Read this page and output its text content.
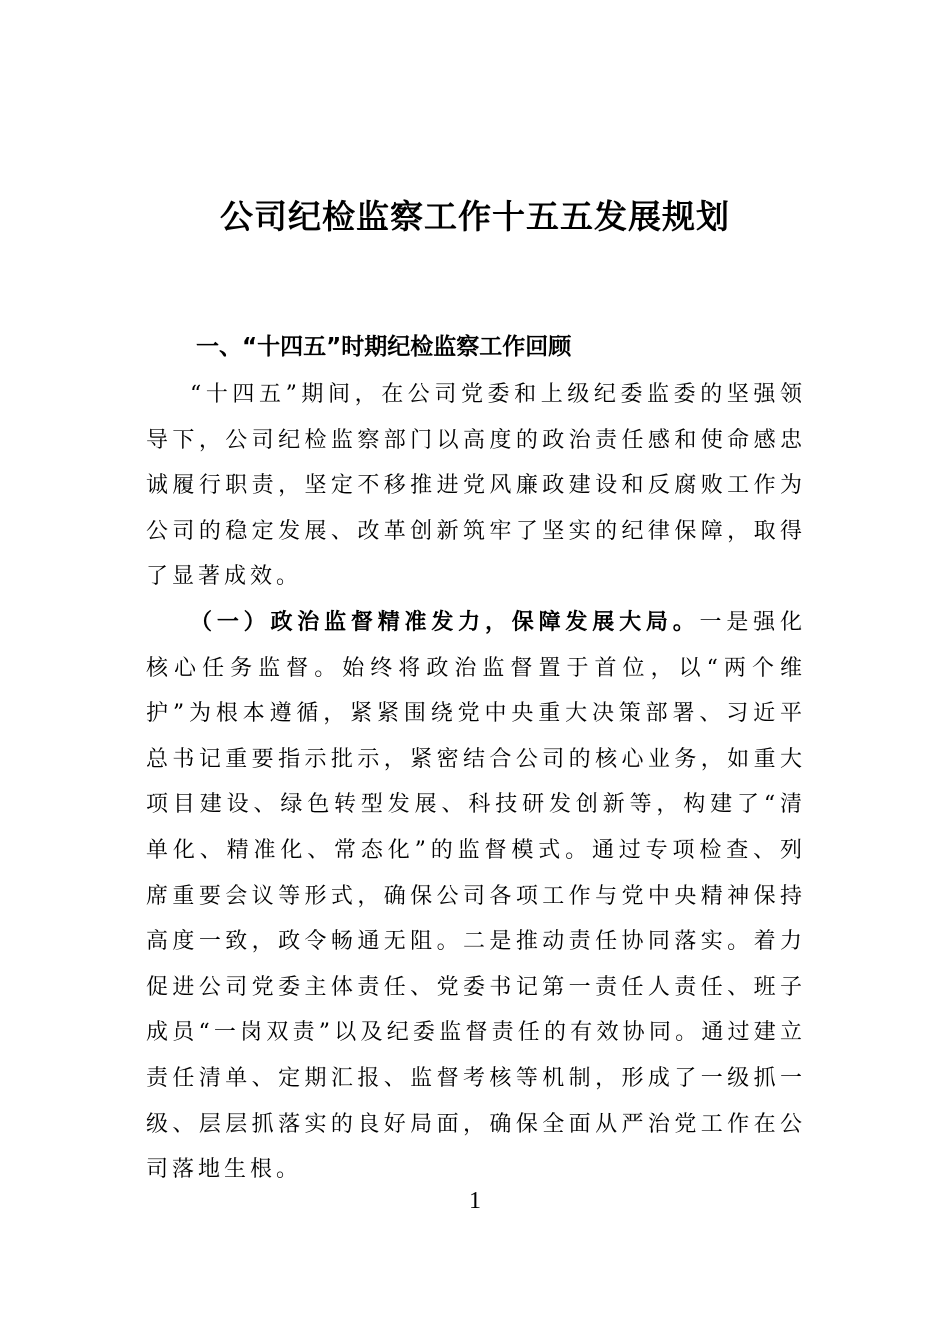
公司纪检监察工作十五五发展规划
一、“十四五”时期纪检监察工作回顾

“十四五”期间，在公司党委和上级纪委监委的坚强领导下，公司纪检监察部门以高度的政治责任感和使命感忠诚履行职责，坚定不移推进党风廉政建设和反腐败工作为公司的稳定发展、改革创新筑牢了坚实的纪律保障，取得了显著成效。

（一）政治监督精准发力，保障发展大局。一是强化核心任务监督。始终将政治监督置于首位，以“两个维护”为根本遵循，紧紧围绕党中央重大决策部署、习近平总书记重要指示批示，紧密结合公司的核心业务，如重大项目建设、绿色转型发展、科技研发创新等，构建了“清单化、精准化、常态化”的监督模式。通过专项检查、列席重要会议等形式，确保公司各项工作与党中央精神保持高度一致，政令畅通无阻。二是推动责任协同落实。着力促进公司党委主体责任、党委书记第一责任人责任、班子成员“一岗双责”以及纪委监督责任的有效协同。通过建立责任清单、定期汇报、监督考核等机制，形成了一级抓一级、层层抓落实的良好局面，确保全面从严治党工作在公司落地生根。

1
